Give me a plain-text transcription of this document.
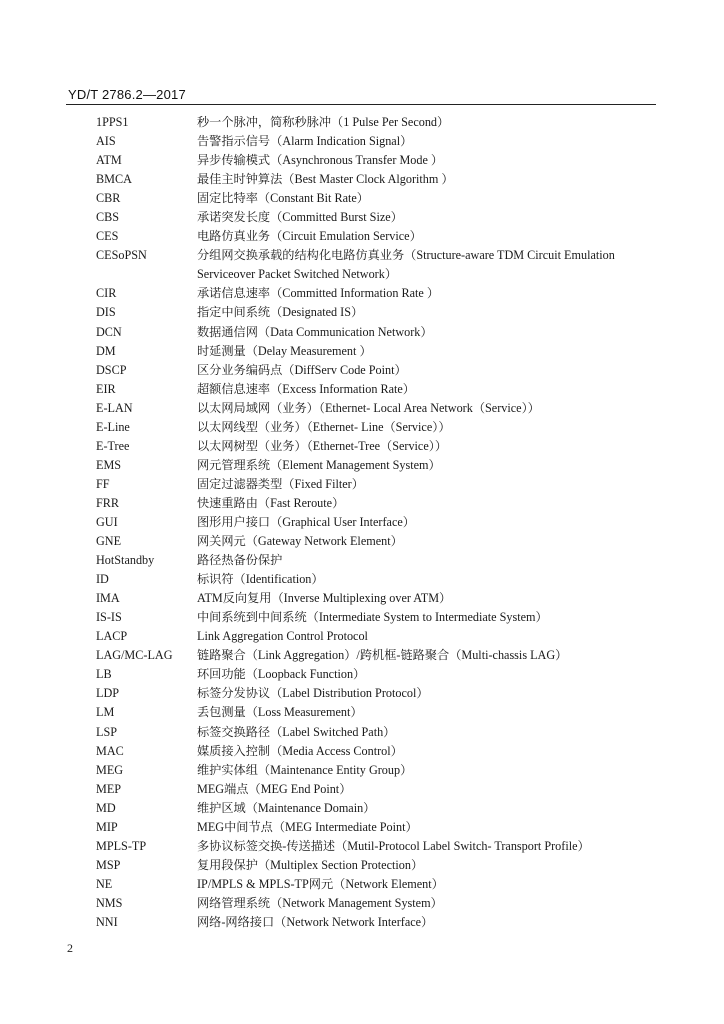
YD/T 2786.2—2017
1PPS1	秒一个脉冲，简称秒脉冲（1 Pulse Per Second）
AIS	告警指示信号（Alarm Indication Signal）
ATM	异步传输模式（Asynchronous Transfer Mode ）
BMCA	最佳主时钟算法（Best Master Clock Algorithm ）
CBR	固定比特率（Constant Bit Rate）
CBS	承诺突发长度（Committed Burst Size）
CES	电路仿真业务（Circuit Emulation Service）
CESoPSN	分组网交换承载的结构化电路仿真业务（Structure-aware TDM Circuit Emulation Serviceover Packet Switched Network）
CIR	承诺信息速率（Committed Information Rate ）
DIS	指定中间系统（Designated IS）
DCN	数据通信网（Data Communication Network）
DM	时延测量（Delay Measurement ）
DSCP	区分业务编码点（DiffServ Code Point）
EIR	超额信息速率（Excess Information Rate）
E-LAN	以太网局域网（业务）（Ethernet- Local Area Network（Service））
E-Line	以太网线型（业务）（Ethernet- Line（Service））
E-Tree	以太网树型（业务）（Ethernet-Tree（Service））
EMS	网元管理系统（Element Management System）
FF	固定过滤器类型（Fixed Filter）
FRR	快速重路由（Fast Reroute）
GUI	图形用户接口（Graphical User Interface）
GNE	网关网元（Gateway Network Element）
HotStandby	路径热备份保护
ID	标识符（Identification）
IMA	ATM反向复用（Inverse Multiplexing over ATM）
IS-IS	中间系统到中间系统（Intermediate System to Intermediate System）
LACP	Link Aggregation Control Protocol
LAG/MC-LAG	链路聚合（Link Aggregation）/跨机框-链路聚合（Multi-chassis LAG）
LB	环回功能（Loopback Function）
LDP	标签分发协议（Label Distribution Protocol）
LM	丢包测量（Loss Measurement）
LSP	标签交换路径（Label Switched Path）
MAC	媒质接入控制（Media Access Control）
MEG	维护实体组（Maintenance Entity Group）
MEP	MEG端点（MEG End Point）
MD	维护区域（Maintenance Domain）
MIP	MEG中间节点（MEG Intermediate Point）
MPLS-TP	多协议标签交换-传送描述（Mutil-Protocol Label Switch- Transport Profile）
MSP	复用段保护（Multiplex Section Protection）
NE	IP/MPLS & MPLS-TP网元（Network Element）
NMS	网络管理系统（Network Management System）
NNI	网络-网络接口（Network Network Interface）
2
